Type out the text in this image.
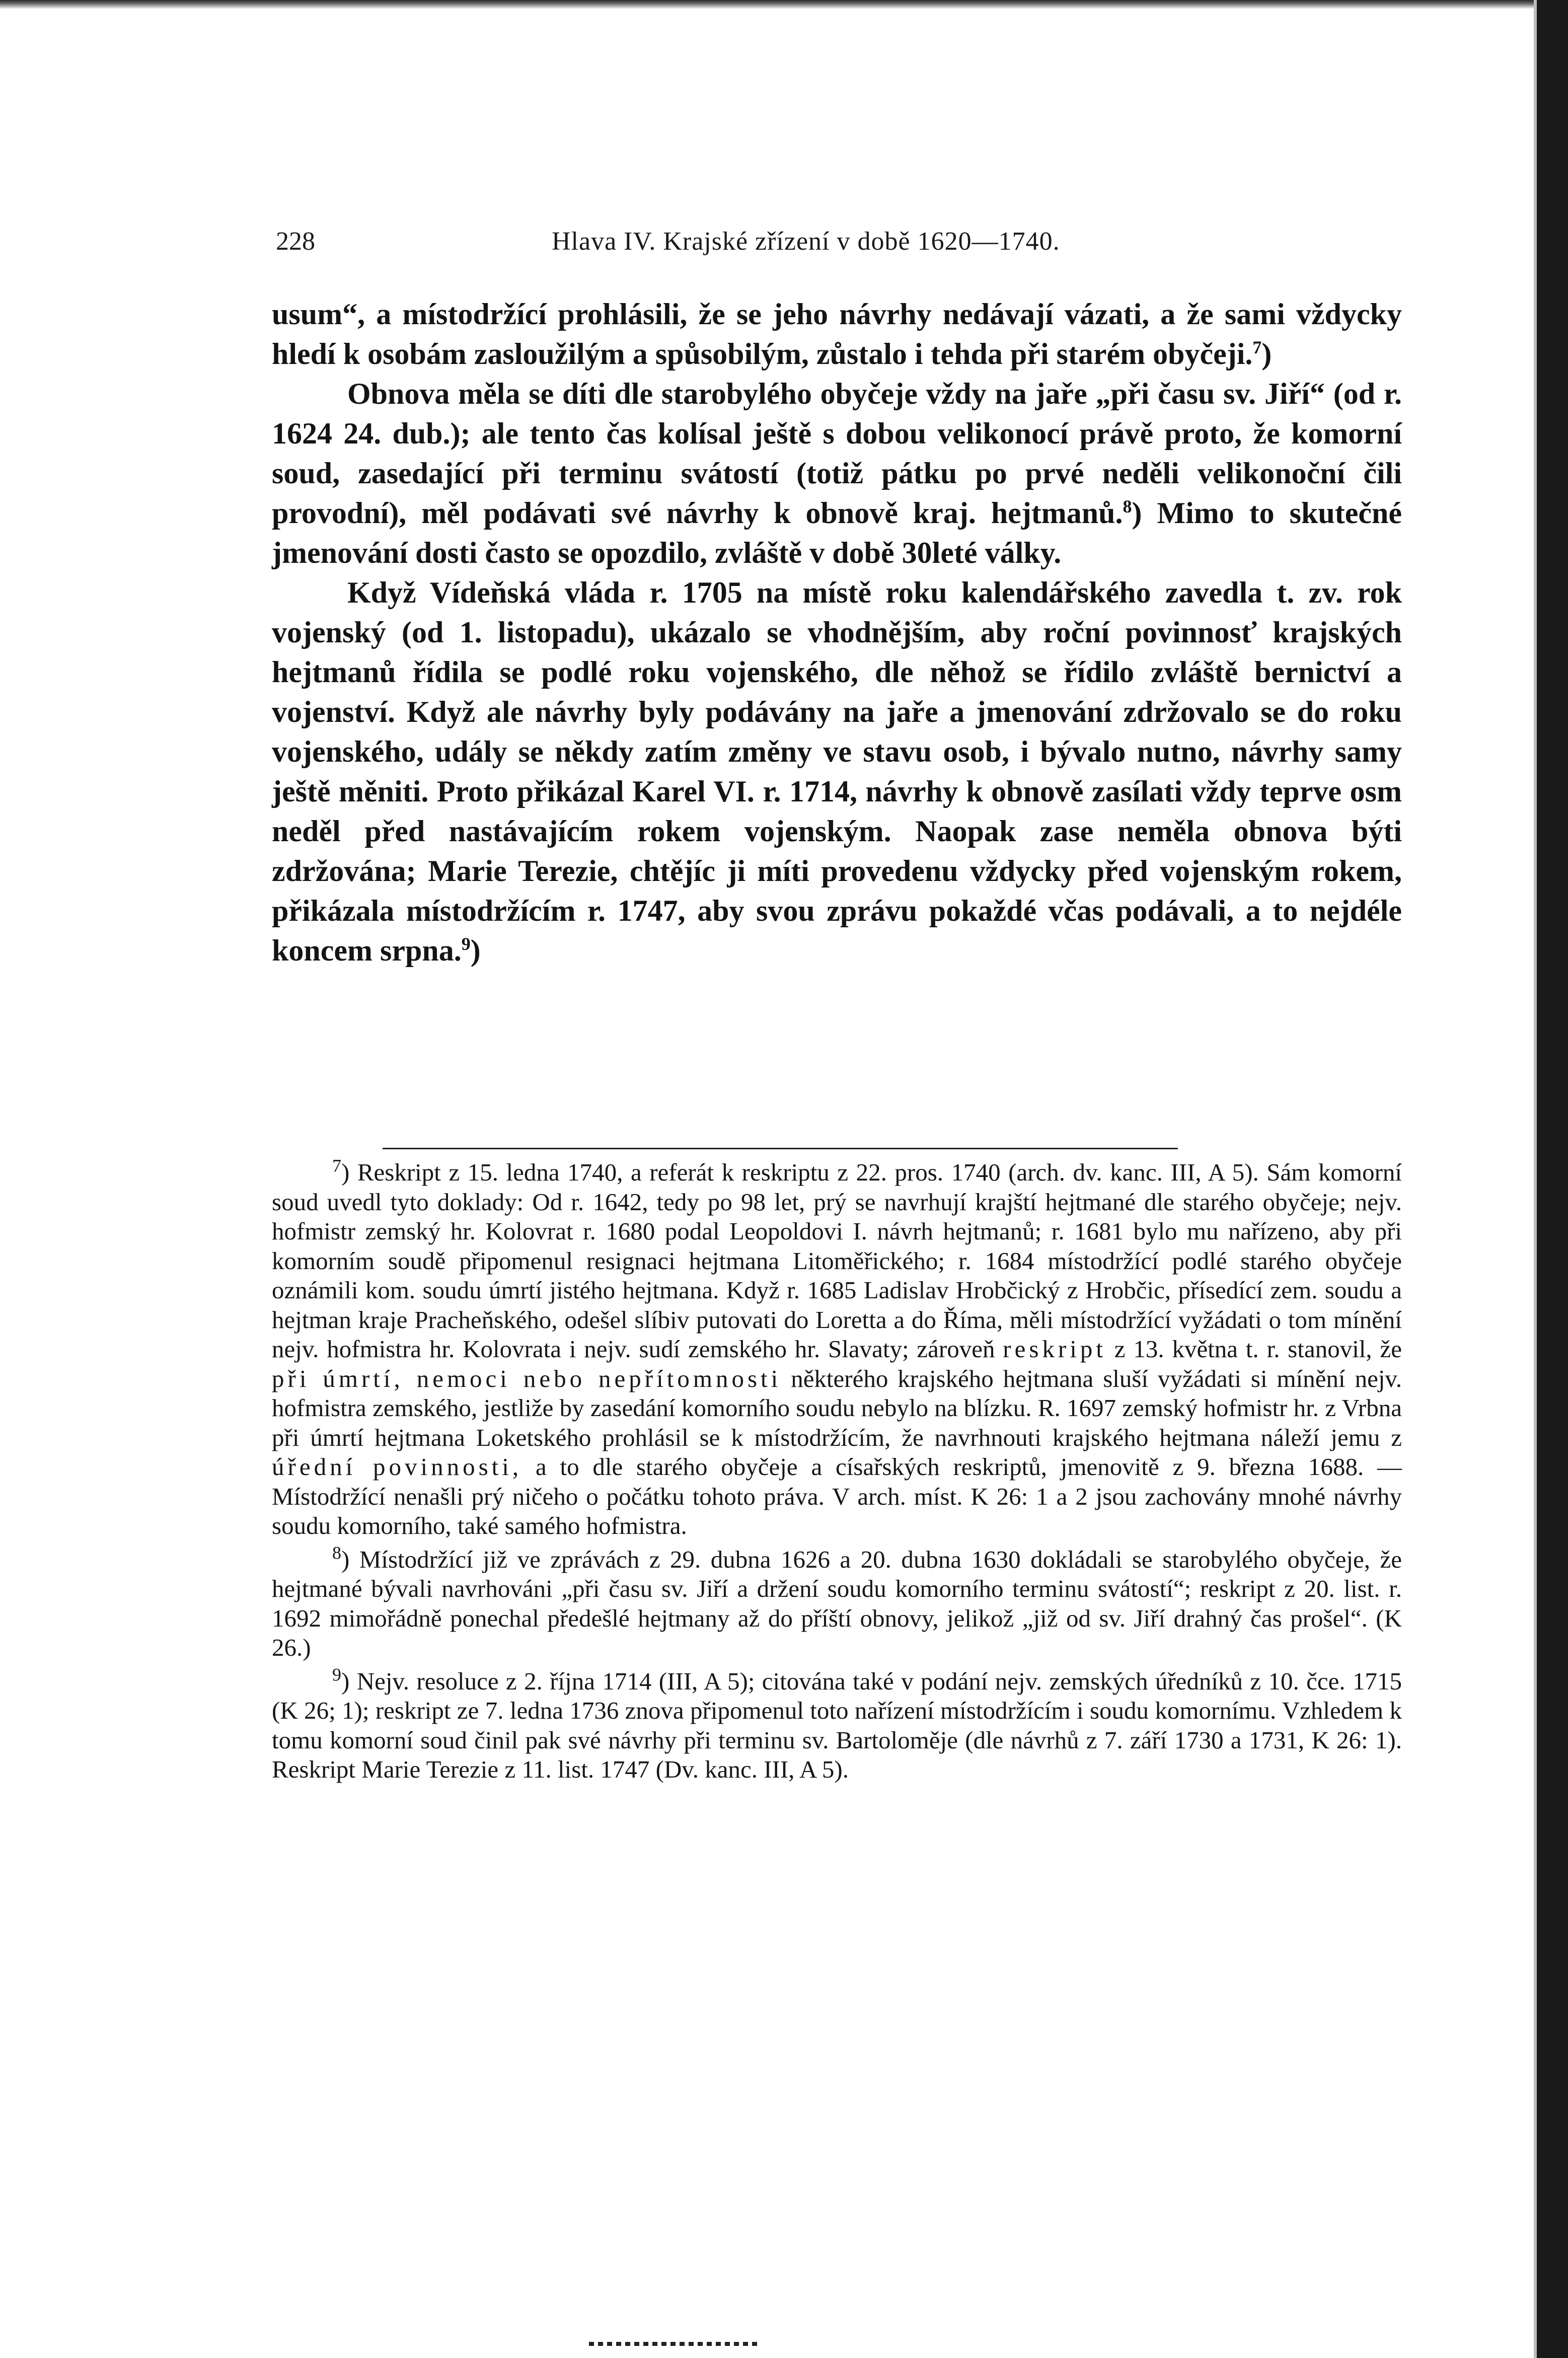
228	Hlava IV. Krajské zřízení v době 1620—1740.

usum“, a místodržící prohlásili, že se jeho návrhy nedávají vázati, a že sami vždycky hledí k osobám zasloužilým a spůsobilým, zůstalo i tehda při starém obyčeji.$^7$)

Obnova měla se díti dle starobylého obyčeje vždy na jaře „při času sv. Jiří“ (od r. 1624 24. dub.); ale tento čas kolísal ještě s dobou velikonocí právě proto, že komorní soud, zasedající při terminu svátostí (totiž pátku po prvé neděli velikonoční čili provodní), měl podávati své návrhy k obnově kraj. hejtmanů.$^8$) Mimo to skutečné jmenování dosti často se opozdilo, zvláště v době 30leté války.

Když Vídeňská vláda r. 1705 na místě roku kalendářského zavedla t. zv. rok vojenský (od 1. listopadu), ukázalo se vhodnějším, aby roční povinnosť krajských hejtmanů řídila se podlé roku vojenského, dle něhož se řídilo zvláště bernictví a vojenství. Když ale návrhy byly podávány na jaře a jmenování zdržovalo se do roku vojenského, udály se někdy zatím změny ve stavu osob, i bývalo nutno, návrhy samy ještě měniti. Proto přikázal Karel VI. r. 1714, návrhy k obnově zasílati vždy teprve osm neděl před nastávajícím rokem vojenským. Naopak zase neměla obnova býti zdržována; Marie Terezie, chtějíc ji míti provedenu vždycky před vojenským rokem, přikázala místodržícím r. 1747, aby svou zprávu pokaždé včas podávali, a to nejdéle koncem srpna.$^9$)

$^7$) Reskript z 15. ledna 1740, a referát k reskriptu z 22. pros. 1740 (arch. dv. kanc. III, A 5). Sám komorní soud uvedl tyto doklady: Od r. 1642, tedy po 98 let, prý se navrhují krajští hejtmané dle starého obyčeje; nejv. hofmistr zemský hr. Kolovrat r. 1680 podal Leopoldovi I. návrh hejtmanů; r. 1681 bylo mu nařízeno, aby při komorním soudě připomenul resignaci hejtmana Litoměřického; r. 1684 místodržící podlé starého obyčeje oznámili kom. soudu úmrtí jistého hejtmana. Když r. 1685 Ladislav Hrobčický z Hrobčic, přísedící zem. soudu a hejtman kraje Pracheňského, odešel slíbiv putovati do Loretta a do Říma, měli místodržící vyžádati o tom mínění nejv. hofmistra hr. Kolovrata i nejv. sudí zemského hr. Slavaty; zároveň reskript z 13. května t. r. stanovil, že při úmrtí, nemoci nebo nepřítomnosti některého krajského hejtmana sluší vyžádati si mínění nejv. hofmistra zemského, jestliže by zasedání komorního soudu nebylo na blízku. R. 1697 zemský hofmistr hr. z Vrbna při úmrtí hejtmana Loketského prohlásil se k místodržícím, že navrhnouti krajského hejtmana náleží jemu z úřední povinnosti, a to dle starého obyčeje a císařských reskriptů, jmenovitě z 9. března 1688. — Místodržící nenašli prý ničeho o počátku tohoto práva. V arch. míst. K 26: 1 a 2 jsou zachovány mnohé návrhy soudu komorního, také samého hofmistra.

$^8$) Místodržící již ve zprávách z 29. dubna 1626 a 20. dubna 1630 dokládali se starobylého obyčeje, že hejtmané bývali navrhováni „při času sv. Jiří a držení soudu komorního terminu svátostí“; reskript z 20. list. r. 1692 mimořádně ponechal předešlé hejtmany až do příští obnovy, jelikož „již od sv. Jiří drahný čas prošel“. (K 26.)

$^9$) Nejv. resoluce z 2. října 1714 (III, A 5); citována také v podání nejv. zemských úředníků z 10. čce. 1715 (K 26; 1); reskript ze 7. ledna 1736 znova připomenul toto nařízení místodržícím i soudu komornímu. Vzhledem k tomu komorní soud činil pak své návrhy při terminu sv. Bartoloměje (dle návrhů z 7. září 1730 a 1731, K 26: 1). Reskript Marie Terezie z 11. list. 1747 (Dv. kanc. III, A 5).
